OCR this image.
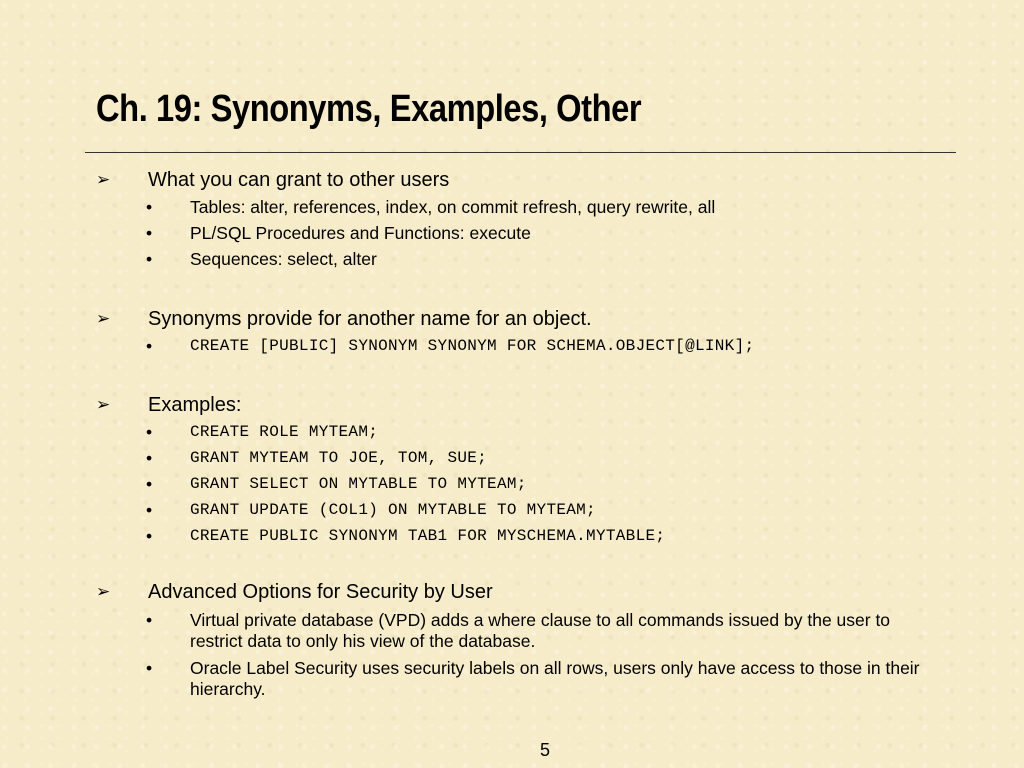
Ch. 19: Synonyms, Examples, Other
➢ What you can grant to other users
• Tables: alter, references, index, on commit refresh, query rewrite, all
• PL/SQL Procedures and Functions: execute
• Sequences: select, alter
➢ Synonyms provide for another name for an object.
• CREATE [PUBLIC] SYNONYM SYNONYM FOR SCHEMA.OBJECT[@LINK];
➢ Examples:
• CREATE ROLE MYTEAM;
• GRANT MYTEAM TO JOE, TOM, SUE;
• GRANT SELECT ON MYTABLE TO MYTEAM;
• GRANT UPDATE (COL1) ON MYTABLE TO MYTEAM;
• CREATE PUBLIC SYNONYM TAB1 FOR MYSCHEMA.MYTABLE;
➢ Advanced Options for Security by User
• Virtual private database (VPD) adds a where clause to all commands issued by the user to restrict data to only his view of the database.
• Oracle Label Security uses security labels on all rows, users only have access to those in their hierarchy.
5
